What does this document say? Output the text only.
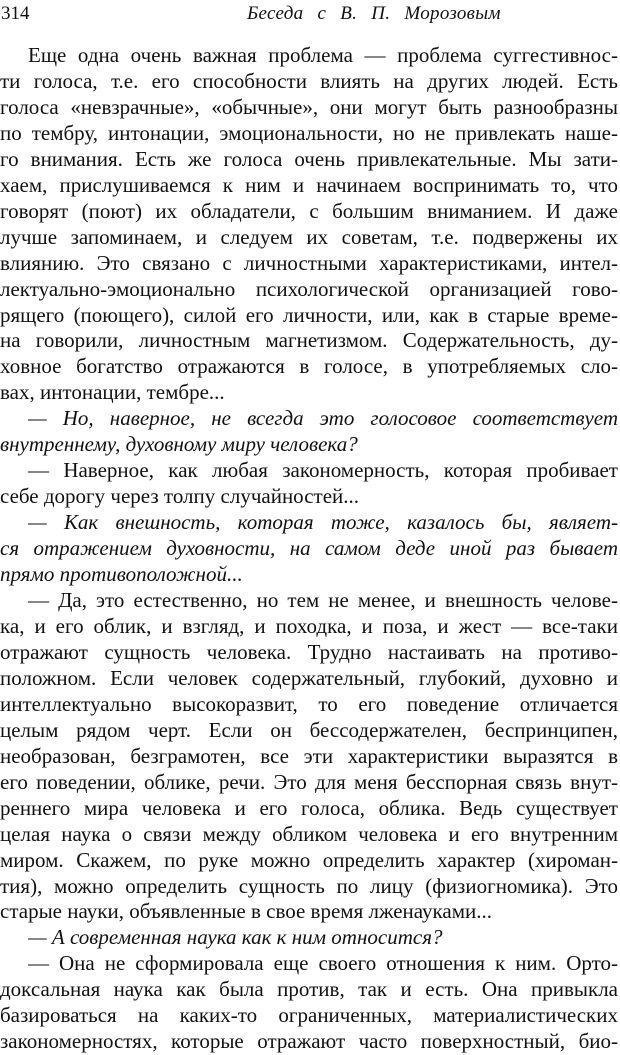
314	Беседа с В. П. Морозовым
Еще одна очень важная проблема — проблема суггестивнос-
ти голоса, т.е. его способности влиять на других людей. Есть
голоса «невзрачные», «обычные», они могут быть разнообразны
по тембру, интонации, эмоциональности, но не привлекать наше-
го внимания. Есть же голоса очень привлекательные. Мы зати-
хаем, прислушиваемся к ним и начинаем воспринимать то, что
говорят (поют) их обладатели, с большим вниманием. И даже
лучше запоминаем, и следуем их советам, т.е. подвержены их
влиянию. Это связано с личностными характеристиками, интел-
лектуально-эмоционально психологической организацией гово-
рящего (поющего), силой его личности, или, как в старые време-
на говорили, личностным магнетизмом. Содержательность, ду-
ховное богатство отражаются в голосе, в употребляемых сло-
вах, интонации, тембре...
— Но, наверное, не всегда это голосовое соответствует
внутреннему, духовному миру человека?
— Наверное, как любая закономерность, которая пробивает
себе дорогу через толпу случайностей...
— Как внешность, которая тоже, казалось бы, являет-
ся отражением духовности, на самом деде иной раз бывает
прямо противоположной...
— Да, это естественно, но тем не менее, и внешность челове-
ка, и его облик, и взгляд, и походка, и поза, и жест — все-таки
отражают сущность человека. Трудно настаивать на противо-
положном. Если человек содержательный, глубокий, духовно и
интеллектуально высокоразвит, то его поведение отличается
целым рядом черт. Если он бессодержателен, беспринципен,
необразован, безграмотен, все эти характеристики выразятся в
его поведении, облике, речи. Это для меня бесспорная связь внут-
реннего мира человека и его голоса, облика. Ведь существует
целая наука о связи между обликом человека и его внутренним
миром. Скажем, по руке можно определить характер (хироман-
тия), можно определить сущность по лицу (физиогномика). Это
старые науки, объявленные в свое время лженауками...
— А современная наука как к ним относится?
— Она не сформировала еще своего отношения к ним. Орто-
доксальная наука как была против, так и есть. Она привыкла
базироваться на каких-то ограниченных, материалистических
закономерностях, которые отражают часто поверхностный, био-
